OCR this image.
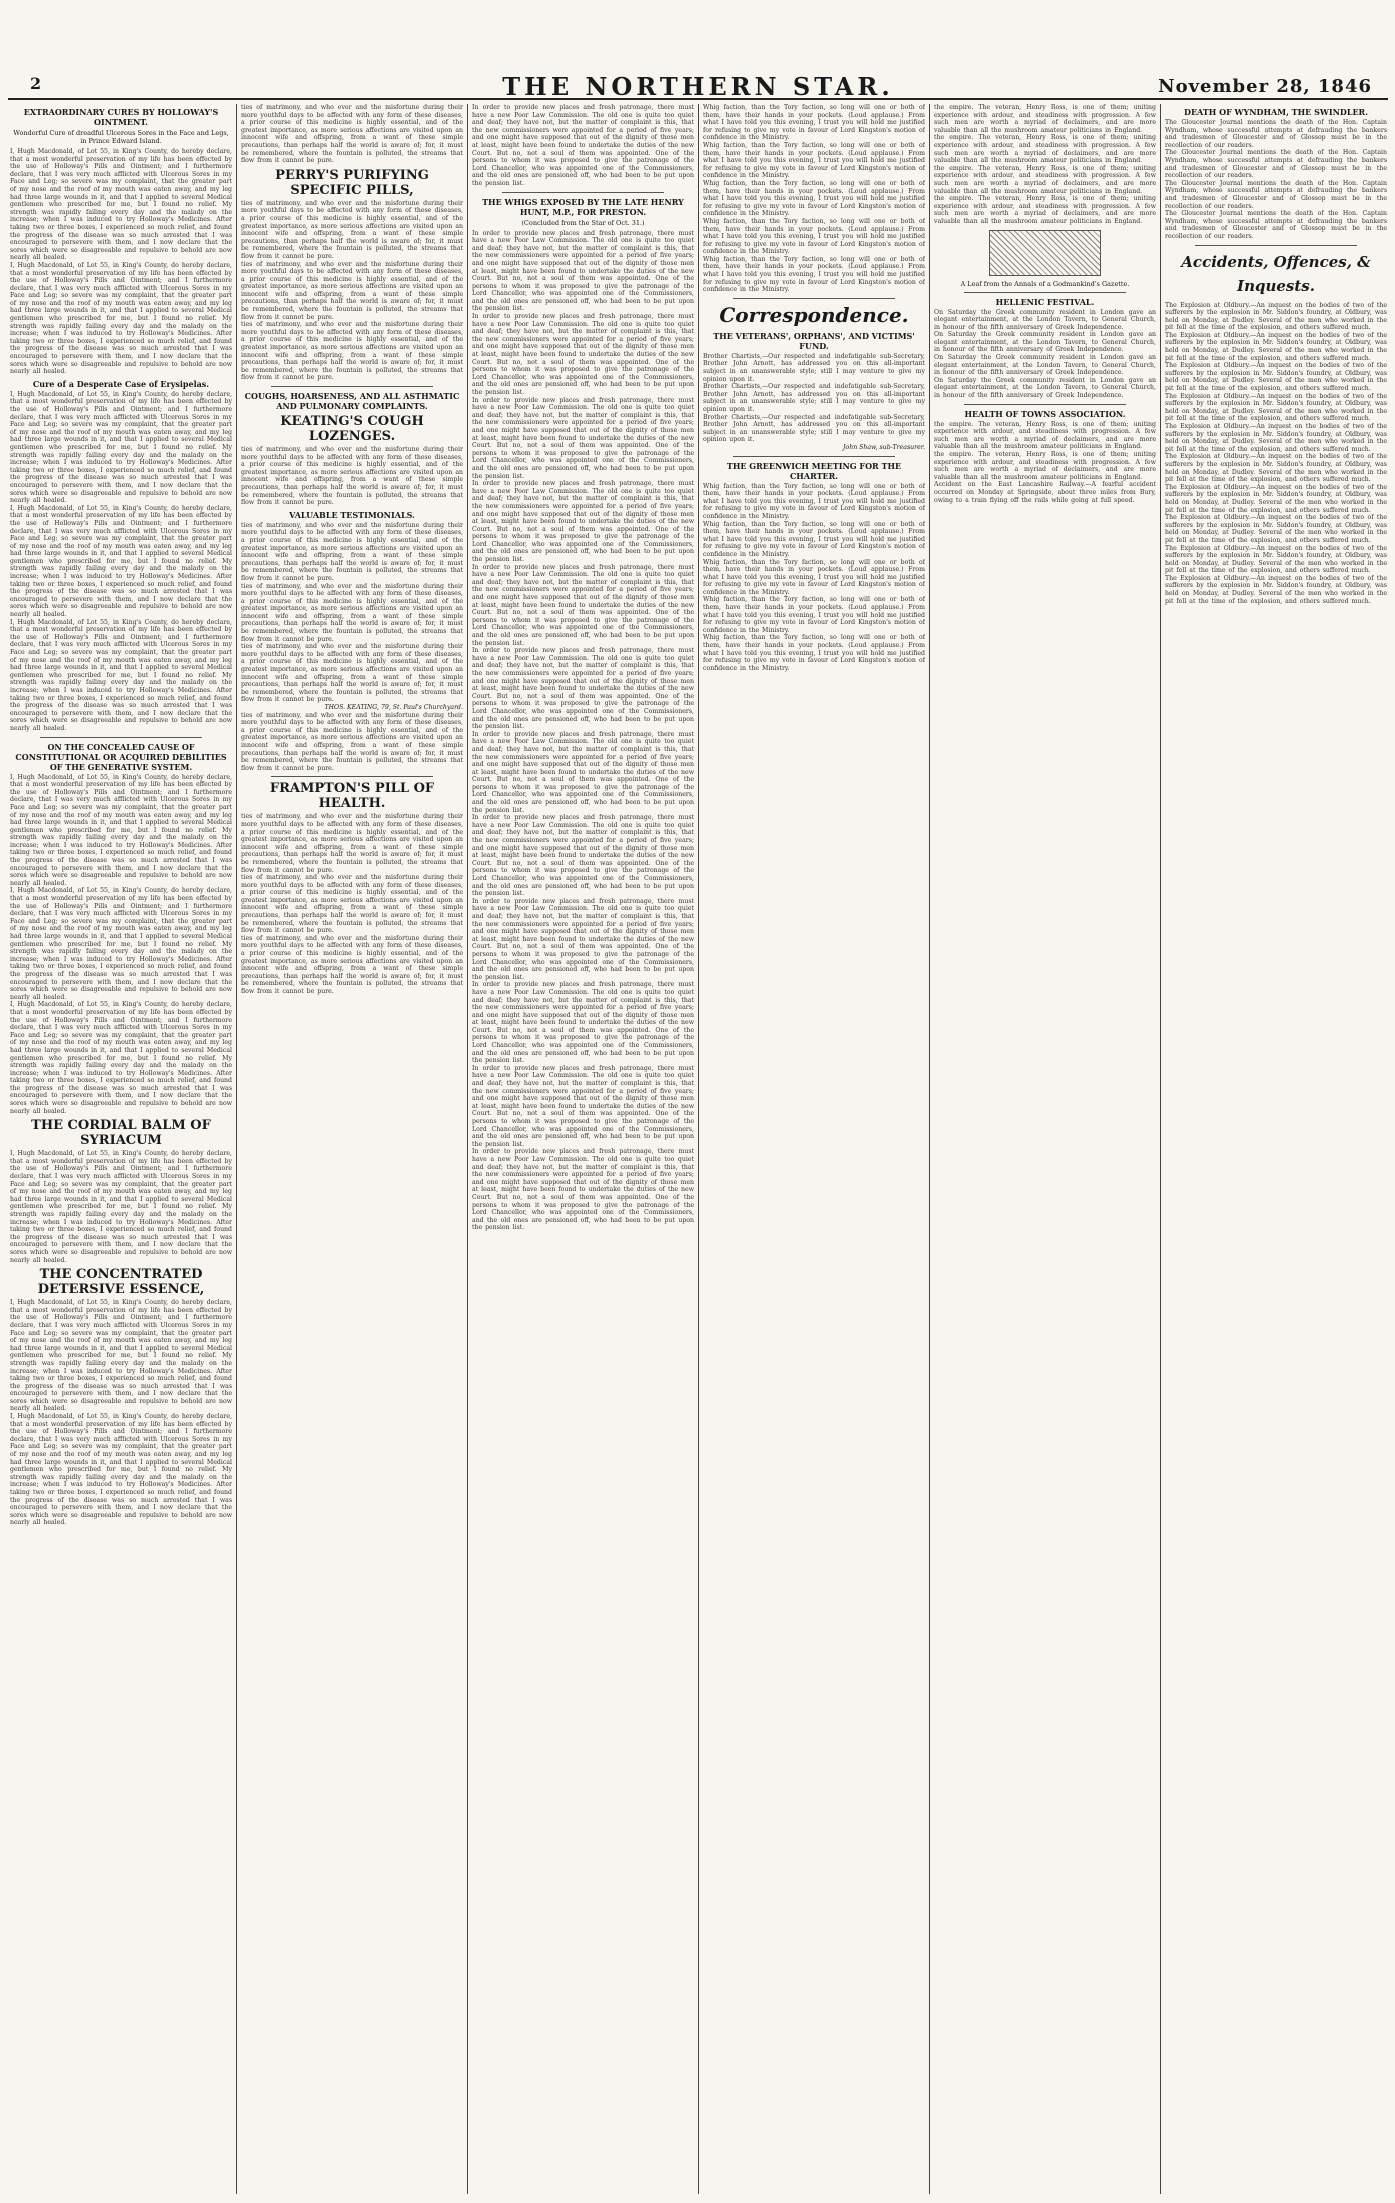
2	THE NORTHERN STAR.	November 28, 1846
EXTRAORDINARY CURES BY HOLLOWAY'S OINTMENT.
Wonderful Cure of dreadful Ulcerous Sores in the Face and Legs, in Prince Edward Island.
I, Hugh Macdonald, of Lot 55, in King's County, do hereby declare, that a most wonderful preservation of my life has been effected by the use of Holloway's Pills and Ointment; and I furthermore declare, that I was very much afflicted with Ulcerous Sores in my Face and Leg; so severe was my complaint, that the greater part of my nose and the roof of my mouth was eaten away, and my leg had three large wounds in it, and that I applied to several Medical gentlemen who prescribed for me, but I found no relief. My strength was rapidly failing every day and the malady on the increase; when I was induced to try Holloway's Medicines. After taking two or three boxes, I experienced so much relief, and found the progress of the disease was so much arrested that I was encouraged to persevere with them, and I now declare that the sores which were so disagreeable and repulsive to behold are now nearly all healed.
I, Hugh Macdonald, of Lot 55, in King's County, do hereby declare, that a most wonderful preservation of my life has been effected by the use of Holloway's Pills and Ointment; and I furthermore declare, that I was very much afflicted with Ulcerous Sores in my Face and Leg; so severe was my complaint, that the greater part of my nose and the roof of my mouth was eaten away, and my leg had three large wounds in it, and that I applied to several Medical gentlemen who prescribed for me, but I found no relief. My strength was rapidly failing every day and the malady on the increase; when I was induced to try Holloway's Medicines. After taking two or three boxes, I experienced so much relief, and found the progress of the disease was so much arrested that I was encouraged to persevere with them, and I now declare that the sores which were so disagreeable and repulsive to behold are now nearly all healed.
Cure of a Desperate Case of Erysipelas.
I, Hugh Macdonald, of Lot 55, in King's County, do hereby declare, that a most wonderful preservation of my life has been effected by the use of Holloway's Pills and Ointment; and I furthermore declare, that I was very much afflicted with Ulcerous Sores in my Face and Leg; so severe was my complaint, that the greater part of my nose and the roof of my mouth was eaten away, and my leg had three large wounds in it, and that I applied to several Medical gentlemen who prescribed for me, but I found no relief. My strength was rapidly failing every day and the malady on the increase; when I was induced to try Holloway's Medicines. After taking two or three boxes, I experienced so much relief, and found the progress of the disease was so much arrested that I was encouraged to persevere with them, and I now declare that the sores which were so disagreeable and repulsive to behold are now nearly all healed.
I, Hugh Macdonald, of Lot 55, in King's County, do hereby declare, that a most wonderful preservation of my life has been effected by the use of Holloway's Pills and Ointment; and I furthermore declare, that I was very much afflicted with Ulcerous Sores in my Face and Leg; so severe was my complaint, that the greater part of my nose and the roof of my mouth was eaten away, and my leg had three large wounds in it, and that I applied to several Medical gentlemen who prescribed for me, but I found no relief. My strength was rapidly failing every day and the malady on the increase; when I was induced to try Holloway's Medicines. After taking two or three boxes, I experienced so much relief, and found the progress of the disease was so much arrested that I was encouraged to persevere with them, and I now declare that the sores which were so disagreeable and repulsive to behold are now nearly all healed.
I, Hugh Macdonald, of Lot 55, in King's County, do hereby declare, that a most wonderful preservation of my life has been effected by the use of Holloway's Pills and Ointment; and I furthermore declare, that I was very much afflicted with Ulcerous Sores in my Face and Leg; so severe was my complaint, that the greater part of my nose and the roof of my mouth was eaten away, and my leg had three large wounds in it, and that I applied to several Medical gentlemen who prescribed for me, but I found no relief. My strength was rapidly failing every day and the malady on the increase; when I was induced to try Holloway's Medicines. After taking two or three boxes, I experienced so much relief, and found the progress of the disease was so much arrested that I was encouraged to persevere with them, and I now declare that the sores which were so disagreeable and repulsive to behold are now nearly all healed.
ON THE CONCEALED CAUSE OF CONSTITUTIONAL OR ACQUIRED DEBILITIES OF THE GENERATIVE SYSTEM.
I, Hugh Macdonald, of Lot 55, in King's County, do hereby declare, that a most wonderful preservation of my life has been effected by the use of Holloway's Pills and Ointment; and I furthermore declare, that I was very much afflicted with Ulcerous Sores in my Face and Leg; so severe was my complaint, that the greater part of my nose and the roof of my mouth was eaten away, and my leg had three large wounds in it, and that I applied to several Medical gentlemen who prescribed for me, but I found no relief. My strength was rapidly failing every day and the malady on the increase; when I was induced to try Holloway's Medicines. After taking two or three boxes, I experienced so much relief, and found the progress of the disease was so much arrested that I was encouraged to persevere with them, and I now declare that the sores which were so disagreeable and repulsive to behold are now nearly all healed.
I, Hugh Macdonald, of Lot 55, in King's County, do hereby declare, that a most wonderful preservation of my life has been effected by the use of Holloway's Pills and Ointment; and I furthermore declare, that I was very much afflicted with Ulcerous Sores in my Face and Leg; so severe was my complaint, that the greater part of my nose and the roof of my mouth was eaten away, and my leg had three large wounds in it, and that I applied to several Medical gentlemen who prescribed for me, but I found no relief. My strength was rapidly failing every day and the malady on the increase; when I was induced to try Holloway's Medicines. After taking two or three boxes, I experienced so much relief, and found the progress of the disease was so much arrested that I was encouraged to persevere with them, and I now declare that the sores which were so disagreeable and repulsive to behold are now nearly all healed.
I, Hugh Macdonald, of Lot 55, in King's County, do hereby declare, that a most wonderful preservation of my life has been effected by the use of Holloway's Pills and Ointment; and I furthermore declare, that I was very much afflicted with Ulcerous Sores in my Face and Leg; so severe was my complaint, that the greater part of my nose and the roof of my mouth was eaten away, and my leg had three large wounds in it, and that I applied to several Medical gentlemen who prescribed for me, but I found no relief. My strength was rapidly failing every day and the malady on the increase; when I was induced to try Holloway's Medicines. After taking two or three boxes, I experienced so much relief, and found the progress of the disease was so much arrested that I was encouraged to persevere with them, and I now declare that the sores which were so disagreeable and repulsive to behold are now nearly all healed.
THE CORDIAL BALM OF SYRIACUM
I, Hugh Macdonald, of Lot 55, in King's County, do hereby declare, that a most wonderful preservation of my life has been effected by the use of Holloway's Pills and Ointment; and I furthermore declare, that I was very much afflicted with Ulcerous Sores in my Face and Leg; so severe was my complaint, that the greater part of my nose and the roof of my mouth was eaten away, and my leg had three large wounds in it, and that I applied to several Medical gentlemen who prescribed for me, but I found no relief. My strength was rapidly failing every day and the malady on the increase; when I was induced to try Holloway's Medicines. After taking two or three boxes, I experienced so much relief, and found the progress of the disease was so much arrested that I was encouraged to persevere with them, and I now declare that the sores which were so disagreeable and repulsive to behold are now nearly all healed.
THE CONCENTRATED DETERSIVE ESSENCE,
I, Hugh Macdonald, of Lot 55, in King's County, do hereby declare, that a most wonderful preservation of my life has been effected by the use of Holloway's Pills and Ointment; and I furthermore declare, that I was very much afflicted with Ulcerous Sores in my Face and Leg; so severe was my complaint, that the greater part of my nose and the roof of my mouth was eaten away, and my leg had three large wounds in it, and that I applied to several Medical gentlemen who prescribed for me, but I found no relief. My strength was rapidly failing every day and the malady on the increase; when I was induced to try Holloway's Medicines. After taking two or three boxes, I experienced so much relief, and found the progress of the disease was so much arrested that I was encouraged to persevere with them, and I now declare that the sores which were so disagreeable and repulsive to behold are now nearly all healed.
I, Hugh Macdonald, of Lot 55, in King's County, do hereby declare, that a most wonderful preservation of my life has been effected by the use of Holloway's Pills and Ointment; and I furthermore declare, that I was very much afflicted with Ulcerous Sores in my Face and Leg; so severe was my complaint, that the greater part of my nose and the roof of my mouth was eaten away, and my leg had three large wounds in it, and that I applied to several Medical gentlemen who prescribed for me, but I found no relief. My strength was rapidly failing every day and the malady on the increase; when I was induced to try Holloway's Medicines. After taking two or three boxes, I experienced so much relief, and found the progress of the disease was so much arrested that I was encouraged to persevere with them, and I now declare that the sores which were so disagreeable and repulsive to behold are now nearly all healed.
ties of matrimony, and who ever and the misfortune during their more youthful days to be affected with any form of these diseases, a prior course of this medicine is highly essential, and of the greatest importance, as more serious affections are visited upon an innocent wife and offspring, from a want of these simple precautions, than perhaps half the world is aware of; for, it must be remembered, where the fountain is polluted, the streams that flow from it cannot be pure.
PERRY'S PURIFYING SPECIFIC PILLS,
ties of matrimony, and who ever and the misfortune during their more youthful days to be affected with any form of these diseases, a prior course of this medicine is highly essential, and of the greatest importance, as more serious affections are visited upon an innocent wife and offspring, from a want of these simple precautions, than perhaps half the world is aware of; for, it must be remembered, where the fountain is polluted, the streams that flow from it cannot be pure.
ties of matrimony, and who ever and the misfortune during their more youthful days to be affected with any form of these diseases, a prior course of this medicine is highly essential, and of the greatest importance, as more serious affections are visited upon an innocent wife and offspring, from a want of these simple precautions, than perhaps half the world is aware of; for, it must be remembered, where the fountain is polluted, the streams that flow from it cannot be pure.
ties of matrimony, and who ever and the misfortune during their more youthful days to be affected with any form of these diseases, a prior course of this medicine is highly essential, and of the greatest importance, as more serious affections are visited upon an innocent wife and offspring, from a want of these simple precautions, than perhaps half the world is aware of; for, it must be remembered, where the fountain is polluted, the streams that flow from it cannot be pure.
COUGHS, HOARSENESS, AND ALL ASTHMATIC AND PULMONARY COMPLAINTS.
KEATING'S COUGH LOZENGES.
ties of matrimony, and who ever and the misfortune during their more youthful days to be affected with any form of these diseases, a prior course of this medicine is highly essential, and of the greatest importance, as more serious affections are visited upon an innocent wife and offspring, from a want of these simple precautions, than perhaps half the world is aware of; for, it must be remembered, where the fountain is polluted, the streams that flow from it cannot be pure.
VALUABLE TESTIMONIALS.
ties of matrimony, and who ever and the misfortune during their more youthful days to be affected with any form of these diseases, a prior course of this medicine is highly essential, and of the greatest importance, as more serious affections are visited upon an innocent wife and offspring, from a want of these simple precautions, than perhaps half the world is aware of; for, it must be remembered, where the fountain is polluted, the streams that flow from it cannot be pure.
ties of matrimony, and who ever and the misfortune during their more youthful days to be affected with any form of these diseases, a prior course of this medicine is highly essential, and of the greatest importance, as more serious affections are visited upon an innocent wife and offspring, from a want of these simple precautions, than perhaps half the world is aware of; for, it must be remembered, where the fountain is polluted, the streams that flow from it cannot be pure.
ties of matrimony, and who ever and the misfortune during their more youthful days to be affected with any form of these diseases, a prior course of this medicine is highly essential, and of the greatest importance, as more serious affections are visited upon an innocent wife and offspring, from a want of these simple precautions, than perhaps half the world is aware of; for, it must be remembered, where the fountain is polluted, the streams that flow from it cannot be pure.
THOS. KEATING, 79, St. Paul's Churchyard.
ties of matrimony, and who ever and the misfortune during their more youthful days to be affected with any form of these diseases, a prior course of this medicine is highly essential, and of the greatest importance, as more serious affections are visited upon an innocent wife and offspring, from a want of these simple precautions, than perhaps half the world is aware of; for, it must be remembered, where the fountain is polluted, the streams that flow from it cannot be pure.
FRAMPTON'S PILL OF HEALTH.
ties of matrimony, and who ever and the misfortune during their more youthful days to be affected with any form of these diseases, a prior course of this medicine is highly essential, and of the greatest importance, as more serious affections are visited upon an innocent wife and offspring, from a want of these simple precautions, than perhaps half the world is aware of; for, it must be remembered, where the fountain is polluted, the streams that flow from it cannot be pure.
ties of matrimony, and who ever and the misfortune during their more youthful days to be affected with any form of these diseases, a prior course of this medicine is highly essential, and of the greatest importance, as more serious affections are visited upon an innocent wife and offspring, from a want of these simple precautions, than perhaps half the world is aware of; for, it must be remembered, where the fountain is polluted, the streams that flow from it cannot be pure.
ties of matrimony, and who ever and the misfortune during their more youthful days to be affected with any form of these diseases, a prior course of this medicine is highly essential, and of the greatest importance, as more serious affections are visited upon an innocent wife and offspring, from a want of these simple precautions, than perhaps half the world is aware of; for, it must be remembered, where the fountain is polluted, the streams that flow from it cannot be pure.
In order to provide new places and fresh patronage, there must have a new Poor Law Commission. The old one is quite too quiet and deaf; they have not, but the matter of complaint is this, that the new commissioners were appointed for a period of five years; and one might have supposed that out of the dignity of those men at least, might have been found to undertake the duties of the new Court. But no, not a soul of them was appointed. One of the persons to whom it was proposed to give the patronage of the Lord Chancellor, who was appointed one of the Commissioners, and the old ones are pensioned off, who had been to be put upon the pension list.
THE WHIGS EXPOSED BY THE LATE HENRY HUNT, M.P., FOR PRESTON.
(Concluded from the Star of Oct. 31.)
In order to provide new places and fresh patronage, there must have a new Poor Law Commission. The old one is quite too quiet and deaf; they have not, but the matter of complaint is this, that the new commissioners were appointed for a period of five years; and one might have supposed that out of the dignity of those men at least, might have been found to undertake the duties of the new Court. But no, not a soul of them was appointed. One of the persons to whom it was proposed to give the patronage of the Lord Chancellor, who was appointed one of the Commissioners, and the old ones are pensioned off, who had been to be put upon the pension list.
In order to provide new places and fresh patronage, there must have a new Poor Law Commission. The old one is quite too quiet and deaf; they have not, but the matter of complaint is this, that the new commissioners were appointed for a period of five years; and one might have supposed that out of the dignity of those men at least, might have been found to undertake the duties of the new Court. But no, not a soul of them was appointed. One of the persons to whom it was proposed to give the patronage of the Lord Chancellor, who was appointed one of the Commissioners, and the old ones are pensioned off, who had been to be put upon the pension list.
In order to provide new places and fresh patronage, there must have a new Poor Law Commission. The old one is quite too quiet and deaf; they have not, but the matter of complaint is this, that the new commissioners were appointed for a period of five years; and one might have supposed that out of the dignity of those men at least, might have been found to undertake the duties of the new Court. But no, not a soul of them was appointed. One of the persons to whom it was proposed to give the patronage of the Lord Chancellor, who was appointed one of the Commissioners, and the old ones are pensioned off, who had been to be put upon the pension list.
In order to provide new places and fresh patronage, there must have a new Poor Law Commission. The old one is quite too quiet and deaf; they have not, but the matter of complaint is this, that the new commissioners were appointed for a period of five years; and one might have supposed that out of the dignity of those men at least, might have been found to undertake the duties of the new Court. But no, not a soul of them was appointed. One of the persons to whom it was proposed to give the patronage of the Lord Chancellor, who was appointed one of the Commissioners, and the old ones are pensioned off, who had been to be put upon the pension list.
In order to provide new places and fresh patronage, there must have a new Poor Law Commission. The old one is quite too quiet and deaf; they have not, but the matter of complaint is this, that the new commissioners were appointed for a period of five years; and one might have supposed that out of the dignity of those men at least, might have been found to undertake the duties of the new Court. But no, not a soul of them was appointed. One of the persons to whom it was proposed to give the patronage of the Lord Chancellor, who was appointed one of the Commissioners, and the old ones are pensioned off, who had been to be put upon the pension list.
In order to provide new places and fresh patronage, there must have a new Poor Law Commission. The old one is quite too quiet and deaf; they have not, but the matter of complaint is this, that the new commissioners were appointed for a period of five years; and one might have supposed that out of the dignity of those men at least, might have been found to undertake the duties of the new Court. But no, not a soul of them was appointed. One of the persons to whom it was proposed to give the patronage of the Lord Chancellor, who was appointed one of the Commissioners, and the old ones are pensioned off, who had been to be put upon the pension list.
In order to provide new places and fresh patronage, there must have a new Poor Law Commission. The old one is quite too quiet and deaf; they have not, but the matter of complaint is this, that the new commissioners were appointed for a period of five years; and one might have supposed that out of the dignity of those men at least, might have been found to undertake the duties of the new Court. But no, not a soul of them was appointed. One of the persons to whom it was proposed to give the patronage of the Lord Chancellor, who was appointed one of the Commissioners, and the old ones are pensioned off, who had been to be put upon the pension list.
In order to provide new places and fresh patronage, there must have a new Poor Law Commission. The old one is quite too quiet and deaf; they have not, but the matter of complaint is this, that the new commissioners were appointed for a period of five years; and one might have supposed that out of the dignity of those men at least, might have been found to undertake the duties of the new Court. But no, not a soul of them was appointed. One of the persons to whom it was proposed to give the patronage of the Lord Chancellor, who was appointed one of the Commissioners, and the old ones are pensioned off, who had been to be put upon the pension list.
In order to provide new places and fresh patronage, there must have a new Poor Law Commission. The old one is quite too quiet and deaf; they have not, but the matter of complaint is this, that the new commissioners were appointed for a period of five years; and one might have supposed that out of the dignity of those men at least, might have been found to undertake the duties of the new Court. But no, not a soul of them was appointed. One of the persons to whom it was proposed to give the patronage of the Lord Chancellor, who was appointed one of the Commissioners, and the old ones are pensioned off, who had been to be put upon the pension list.
In order to provide new places and fresh patronage, there must have a new Poor Law Commission. The old one is quite too quiet and deaf; they have not, but the matter of complaint is this, that the new commissioners were appointed for a period of five years; and one might have supposed that out of the dignity of those men at least, might have been found to undertake the duties of the new Court. But no, not a soul of them was appointed. One of the persons to whom it was proposed to give the patronage of the Lord Chancellor, who was appointed one of the Commissioners, and the old ones are pensioned off, who had been to be put upon the pension list.
In order to provide new places and fresh patronage, there must have a new Poor Law Commission. The old one is quite too quiet and deaf; they have not, but the matter of complaint is this, that the new commissioners were appointed for a period of five years; and one might have supposed that out of the dignity of those men at least, might have been found to undertake the duties of the new Court. But no, not a soul of them was appointed. One of the persons to whom it was proposed to give the patronage of the Lord Chancellor, who was appointed one of the Commissioners, and the old ones are pensioned off, who had been to be put upon the pension list.
In order to provide new places and fresh patronage, there must have a new Poor Law Commission. The old one is quite too quiet and deaf; they have not, but the matter of complaint is this, that the new commissioners were appointed for a period of five years; and one might have supposed that out of the dignity of those men at least, might have been found to undertake the duties of the new Court. But no, not a soul of them was appointed. One of the persons to whom it was proposed to give the patronage of the Lord Chancellor, who was appointed one of the Commissioners, and the old ones are pensioned off, who had been to be put upon the pension list.
Whig faction, than the Tory faction, so long will one or both of them, have their hands in your pockets. (Loud applause.) From what I have told you this evening, I trust you will hold me justified for refusing to give my vote in favour of Lord Kingston's motion of confidence in the Ministry.
Whig faction, than the Tory faction, so long will one or both of them, have their hands in your pockets. (Loud applause.) From what I have told you this evening, I trust you will hold me justified for refusing to give my vote in favour of Lord Kingston's motion of confidence in the Ministry.
Whig faction, than the Tory faction, so long will one or both of them, have their hands in your pockets. (Loud applause.) From what I have told you this evening, I trust you will hold me justified for refusing to give my vote in favour of Lord Kingston's motion of confidence in the Ministry.
Whig faction, than the Tory faction, so long will one or both of them, have their hands in your pockets. (Loud applause.) From what I have told you this evening, I trust you will hold me justified for refusing to give my vote in favour of Lord Kingston's motion of confidence in the Ministry.
Whig faction, than the Tory faction, so long will one or both of them, have their hands in your pockets. (Loud applause.) From what I have told you this evening, I trust you will hold me justified for refusing to give my vote in favour of Lord Kingston's motion of confidence in the Ministry.
Correspondence.
THE VETERANS', ORPHANS', AND VICTIMS' FUND.
Brother Chartists,—Our respected and indefatigable sub-Secretary, Brother John Arnott, has addressed you on this all-important subject in an unanswerable style; still I may venture to give my opinion upon it.
Brother Chartists,—Our respected and indefatigable sub-Secretary, Brother John Arnott, has addressed you on this all-important subject in an unanswerable style; still I may venture to give my opinion upon it.
Brother Chartists,—Our respected and indefatigable sub-Secretary, Brother John Arnott, has addressed you on this all-important subject in an unanswerable style; still I may venture to give my opinion upon it.
John Shaw, sub-Treasurer.
THE GREENWICH MEETING FOR THE CHARTER.
Whig faction, than the Tory faction, so long will one or both of them, have their hands in your pockets. (Loud applause.) From what I have told you this evening, I trust you will hold me justified for refusing to give my vote in favour of Lord Kingston's motion of confidence in the Ministry.
Whig faction, than the Tory faction, so long will one or both of them, have their hands in your pockets. (Loud applause.) From what I have told you this evening, I trust you will hold me justified for refusing to give my vote in favour of Lord Kingston's motion of confidence in the Ministry.
Whig faction, than the Tory faction, so long will one or both of them, have their hands in your pockets. (Loud applause.) From what I have told you this evening, I trust you will hold me justified for refusing to give my vote in favour of Lord Kingston's motion of confidence in the Ministry.
Whig faction, than the Tory faction, so long will one or both of them, have their hands in your pockets. (Loud applause.) From what I have told you this evening, I trust you will hold me justified for refusing to give my vote in favour of Lord Kingston's motion of confidence in the Ministry.
Whig faction, than the Tory faction, so long will one or both of them, have their hands in your pockets. (Loud applause.) From what I have told you this evening, I trust you will hold me justified for refusing to give my vote in favour of Lord Kingston's motion of confidence in the Ministry.
the empire. The veteran, Henry Ross, is one of them; uniting experience with ardour, and steadiness with progression. A few such men are worth a myriad of declaimers, and are more valuable than all the mushroom amateur politicians in England.
the empire. The veteran, Henry Ross, is one of them; uniting experience with ardour, and steadiness with progression. A few such men are worth a myriad of declaimers, and are more valuable than all the mushroom amateur politicians in England.
the empire. The veteran, Henry Ross, is one of them; uniting experience with ardour, and steadiness with progression. A few such men are worth a myriad of declaimers, and are more valuable than all the mushroom amateur politicians in England.
the empire. The veteran, Henry Ross, is one of them; uniting experience with ardour, and steadiness with progression. A few such men are worth a myriad of declaimers, and are more valuable than all the mushroom amateur politicians in England.
A Leaf from the Annals of a Godmankind's Gazette.
HELLENIC FESTIVAL.
On Saturday the Greek community resident in London gave an elegant entertainment, at the London Tavern, to General Church, in honour of the fifth anniversary of Greek Independence.
On Saturday the Greek community resident in London gave an elegant entertainment, at the London Tavern, to General Church, in honour of the fifth anniversary of Greek Independence.
On Saturday the Greek community resident in London gave an elegant entertainment, at the London Tavern, to General Church, in honour of the fifth anniversary of Greek Independence.
On Saturday the Greek community resident in London gave an elegant entertainment, at the London Tavern, to General Church, in honour of the fifth anniversary of Greek Independence.
HEALTH OF TOWNS ASSOCIATION.
the empire. The veteran, Henry Ross, is one of them; uniting experience with ardour, and steadiness with progression. A few such men are worth a myriad of declaimers, and are more valuable than all the mushroom amateur politicians in England.
the empire. The veteran, Henry Ross, is one of them; uniting experience with ardour, and steadiness with progression. A few such men are worth a myriad of declaimers, and are more valuable than all the mushroom amateur politicians in England.
Accident on the East Lancashire Railway.—A fearful accident occurred on Monday at Springside, about three miles from Bury, owing to a train flying off the rails while going at full speed.
DEATH OF WYNDHAM, THE SWINDLER.
The Gloucester Journal mentions the death of the Hon. Captain Wyndham, whose successful attempts at defrauding the bankers and tradesmen of Gloucester and of Glossop must be in the recollection of our readers.
The Gloucester Journal mentions the death of the Hon. Captain Wyndham, whose successful attempts at defrauding the bankers and tradesmen of Gloucester and of Glossop must be in the recollection of our readers.
The Gloucester Journal mentions the death of the Hon. Captain Wyndham, whose successful attempts at defrauding the bankers and tradesmen of Gloucester and of Glossop must be in the recollection of our readers.
The Gloucester Journal mentions the death of the Hon. Captain Wyndham, whose successful attempts at defrauding the bankers and tradesmen of Gloucester and of Glossop must be in the recollection of our readers.
Accidents, Offences, & Inquests.
The Explosion at Oldbury.—An inquest on the bodies of two of the sufferers by the explosion in Mr. Siddon's foundry, at Oldbury, was held on Monday, at Dudley. Several of the men who worked in the pit fell at the time of the explosion, and others suffered much.
The Explosion at Oldbury.—An inquest on the bodies of two of the sufferers by the explosion in Mr. Siddon's foundry, at Oldbury, was held on Monday, at Dudley. Several of the men who worked in the pit fell at the time of the explosion, and others suffered much.
The Explosion at Oldbury.—An inquest on the bodies of two of the sufferers by the explosion in Mr. Siddon's foundry, at Oldbury, was held on Monday, at Dudley. Several of the men who worked in the pit fell at the time of the explosion, and others suffered much.
The Explosion at Oldbury.—An inquest on the bodies of two of the sufferers by the explosion in Mr. Siddon's foundry, at Oldbury, was held on Monday, at Dudley. Several of the men who worked in the pit fell at the time of the explosion, and others suffered much.
The Explosion at Oldbury.—An inquest on the bodies of two of the sufferers by the explosion in Mr. Siddon's foundry, at Oldbury, was held on Monday, at Dudley. Several of the men who worked in the pit fell at the time of the explosion, and others suffered much.
The Explosion at Oldbury.—An inquest on the bodies of two of the sufferers by the explosion in Mr. Siddon's foundry, at Oldbury, was held on Monday, at Dudley. Several of the men who worked in the pit fell at the time of the explosion, and others suffered much.
The Explosion at Oldbury.—An inquest on the bodies of two of the sufferers by the explosion in Mr. Siddon's foundry, at Oldbury, was held on Monday, at Dudley. Several of the men who worked in the pit fell at the time of the explosion, and others suffered much.
The Explosion at Oldbury.—An inquest on the bodies of two of the sufferers by the explosion in Mr. Siddon's foundry, at Oldbury, was held on Monday, at Dudley. Several of the men who worked in the pit fell at the time of the explosion, and others suffered much.
The Explosion at Oldbury.—An inquest on the bodies of two of the sufferers by the explosion in Mr. Siddon's foundry, at Oldbury, was held on Monday, at Dudley. Several of the men who worked in the pit fell at the time of the explosion, and others suffered much.
The Explosion at Oldbury.—An inquest on the bodies of two of the sufferers by the explosion in Mr. Siddon's foundry, at Oldbury, was held on Monday, at Dudley. Several of the men who worked in the pit fell at the time of the explosion, and others suffered much.
